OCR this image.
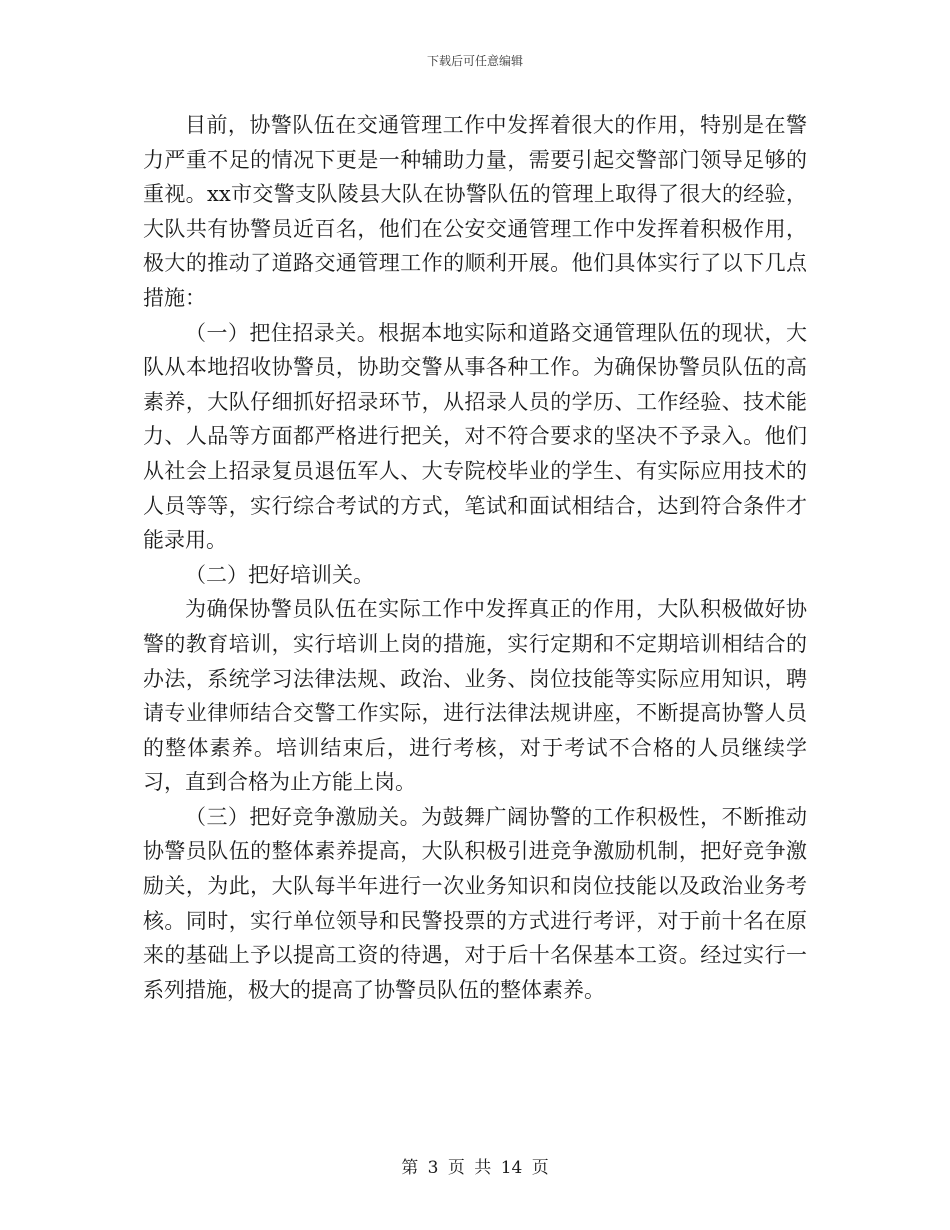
下载后可任意编辑

目前，协警队伍在交通管理工作中发挥着很大的作用，特别是在警力严重不足的情况下更是一种辅助力量，需要引起交警部门领导足够的重视。xx市交警支队陵县大队在协警队伍的管理上取得了很大的经验，大队共有协警员近百名，他们在公安交通管理工作中发挥着积极作用，极大的推动了道路交通管理工作的顺利开展。他们具体实行了以下几点措施：

（一）把住招录关。根据本地实际和道路交通管理队伍的现状，大队从本地招收协警员，协助交警从事各种工作。为确保协警员队伍的高素养，大队仔细抓好招录环节，从招录人员的学历、工作经验、技术能力、人品等方面都严格进行把关，对不符合要求的坚决不予录入。他们从社会上招录复员退伍军人、大专院校毕业的学生、有实际应用技术的人员等等，实行综合考试的方式，笔试和面试相结合，达到符合条件才能录用。

（二）把好培训关。

为确保协警员队伍在实际工作中发挥真正的作用，大队积极做好协警的教育培训，实行培训上岗的措施，实行定期和不定期培训相结合的办法，系统学习法律法规、政治、业务、岗位技能等实际应用知识，聘请专业律师结合交警工作实际，进行法律法规讲座，不断提高协警人员的整体素养。培训结束后，进行考核，对于考试不合格的人员继续学习，直到合格为止方能上岗。

（三）把好竞争激励关。为鼓舞广阔协警的工作积极性，不断推动协警员队伍的整体素养提高，大队积极引进竞争激励机制，把好竞争激励关，为此，大队每半年进行一次业务知识和岗位技能以及政治业务考核。同时，实行单位领导和民警投票的方式进行考评，对于前十名在原来的基础上予以提高工资的待遇，对于后十名保基本工资。经过实行一系列措施，极大的提高了协警员队伍的整体素养。

第 3 页 共 14 页
